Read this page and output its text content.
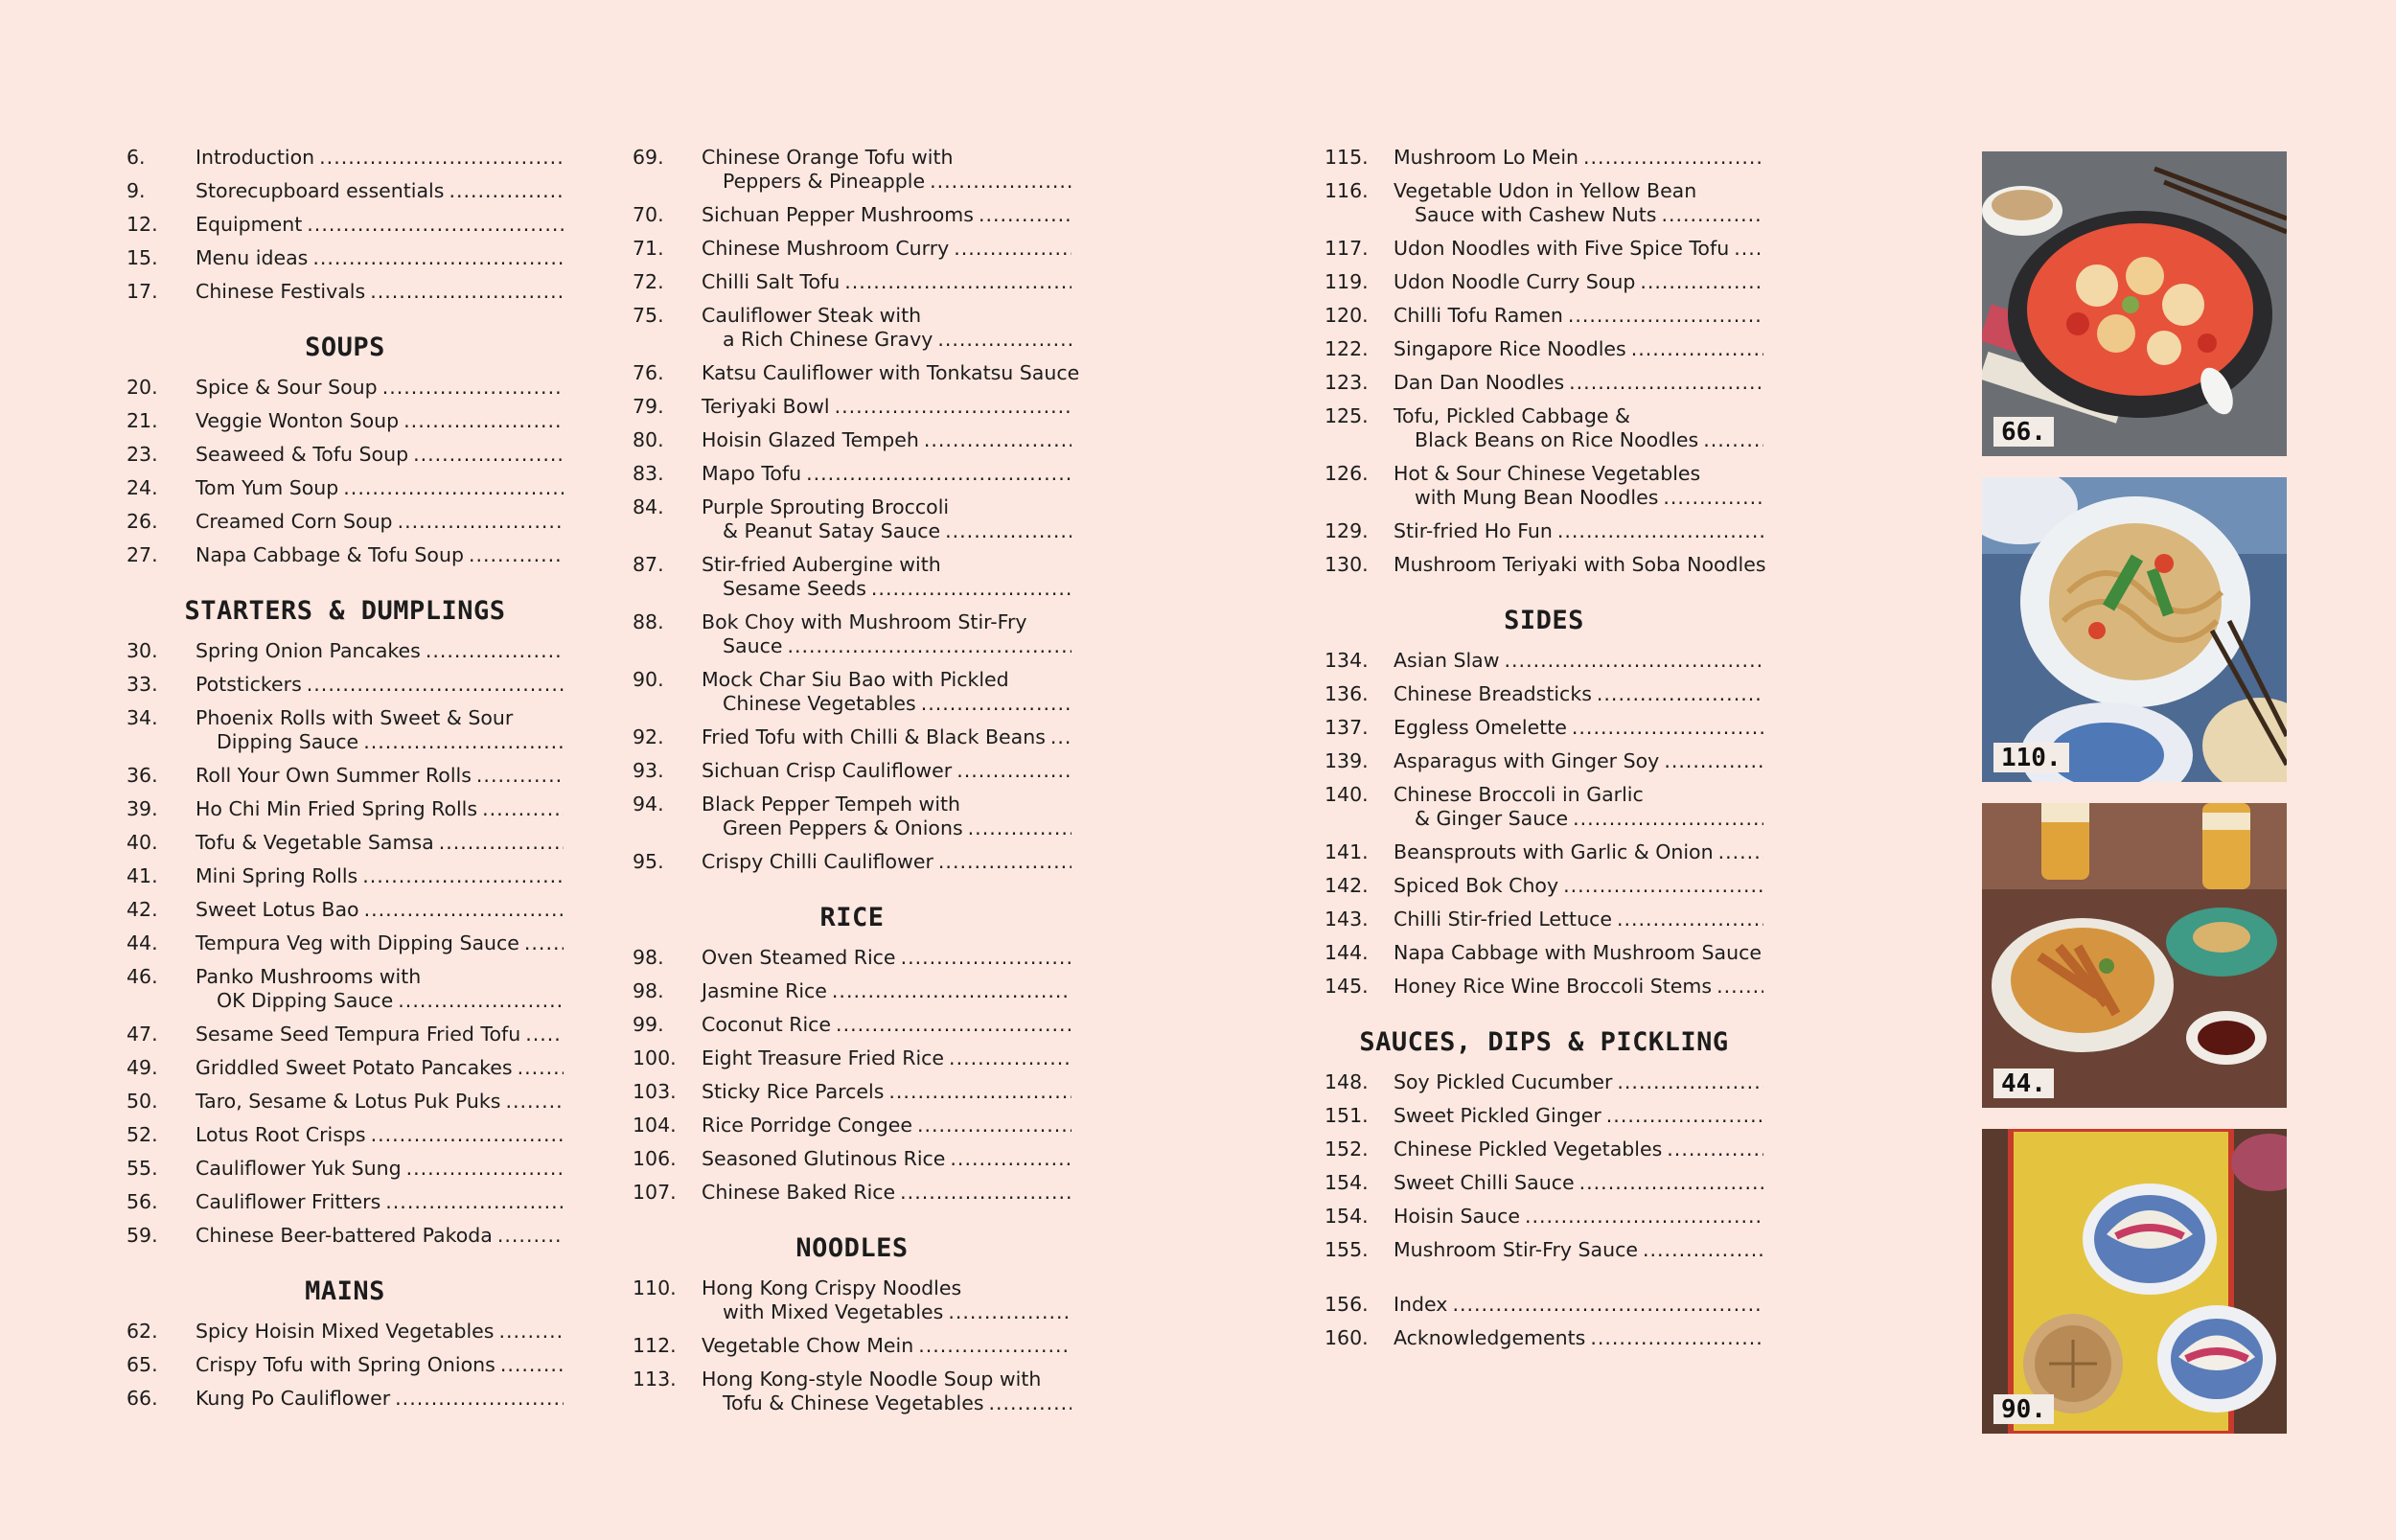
6.	Introduction
.....
9.	Storecupboard essentials
.....
12.	Equipment
.....
15.	Menu ideas
.....
17.	Chinese Festivals
.....
SOUPS
20.	Spice & Sour Soup
.....
21.	Veggie Wonton Soup
.....
23.	Seaweed & Tofu Soup
.....
24.	Tom Yum Soup
.....
26.	Creamed Corn Soup
.....
27.	Napa Cabbage & Tofu Soup
.....
STARTERS & DUMPLINGS
30.	Spring Onion Pancakes
.....
33.	Potstickers
.....
34.	Phoenix Rolls with Sweet & Sour
Dipping Sauce
.....
36.	Roll Your Own Summer Rolls
.....
39.	Ho Chi Min Fried Spring Rolls
.....
40.	Tofu & Vegetable Samsa
.....
41.	Mini Spring Rolls
.....
42.	Sweet Lotus Bao
.....
44.	Tempura Veg with Dipping Sauce
.....
46.	Panko Mushrooms with
OK Dipping Sauce
.....
47.	Sesame Seed Tempura Fried Tofu
.....
49.	Griddled Sweet Potato Pancakes
.....
50.	Taro, Sesame & Lotus Puk Puks
.....
52.	Lotus Root Crisps
.....
55.	Cauliflower Yuk Sung
.....
56.	Cauliflower Fritters
.....
59.	Chinese Beer-battered Pakoda
.....
MAINS
62.	Spicy Hoisin Mixed Vegetables
.....
65.	Crispy Tofu with Spring Onions
.....
66.	Kung Po Cauliflower
.....
69.	Chinese Orange Tofu with
Peppers & Pineapple
.....
70.	Sichuan Pepper Mushrooms
.....
71.	Chinese Mushroom Curry
.....
72.	Chilli Salt Tofu
.....
75.	Cauliflower Steak with
a Rich Chinese Gravy
.....
76.	Katsu Cauliflower with Tonkatsu Sauce
79.	Teriyaki Bowl
.....
80.	Hoisin Glazed Tempeh
.....
83.	Mapo Tofu
.....
84.	Purple Sprouting Broccoli
& Peanut Satay Sauce
.....
87.	Stir-fried Aubergine with
Sesame Seeds
.....
88.	Bok Choy with Mushroom Stir-Fry
Sauce
.....
90.	Mock Char Siu Bao with Pickled
Chinese Vegetables
.....
92.	Fried Tofu with Chilli & Black Beans
.....
93.	Sichuan Crisp Cauliflower
.....
94.	Black Pepper Tempeh with
Green Peppers & Onions
.....
95.	Crispy Chilli Cauliflower
.....
RICE
98.	Oven Steamed Rice
.....
98.	Jasmine Rice
.....
99.	Coconut Rice
.....
100.	Eight Treasure Fried Rice
.....
103.	Sticky Rice Parcels
.....
104.	Rice Porridge Congee
.....
106.	Seasoned Glutinous Rice
.....
107.	Chinese Baked Rice
.....
NOODLES
110.	Hong Kong Crispy Noodles
with Mixed Vegetables
.....
112.	Vegetable Chow Mein
.....
113.	Hong Kong-style Noodle Soup with
Tofu & Chinese Vegetables
.....
115.	Mushroom Lo Mein
.....
116.	Vegetable Udon in Yellow Bean
Sauce with Cashew Nuts
.....
117.	Udon Noodles with Five Spice Tofu
.....
119.	Udon Noodle Curry Soup
.....
120.	Chilli Tofu Ramen
.....
122.	Singapore Rice Noodles
.....
123.	Dan Dan Noodles
.....
125.	Tofu, Pickled Cabbage &
Black Beans on Rice Noodles
.....
126.	Hot & Sour Chinese Vegetables
with Mung Bean Noodles
.....
129.	Stir-fried Ho Fun
.....
130.	Mushroom Teriyaki with Soba Noodles
SIDES
134.	Asian Slaw
.....
136.	Chinese Breadsticks
.....
137.	Eggless Omelette
.....
139.	Asparagus with Ginger Soy
.....
140.	Chinese Broccoli in Garlic
& Ginger Sauce
.....
141.	Beansprouts with Garlic & Onion
.....
142.	Spiced Bok Choy
.....
143.	Chilli Stir-fried Lettuce
.....
144.	Napa Cabbage with Mushroom Sauce
145.	Honey Rice Wine Broccoli Stems
.....
SAUCES, DIPS & PICKLING
148.	Soy Pickled Cucumber
.....
151.	Sweet Pickled Ginger
.....
152.	Chinese Pickled Vegetables
.....
154.	Sweet Chilli Sauce
.....
154.	Hoisin Sauce
.....
155.	Mushroom Stir-Fry Sauce
.....
156.	Index
.....
160.	Acknowledgements
.....
66.
110.
44.
90.
